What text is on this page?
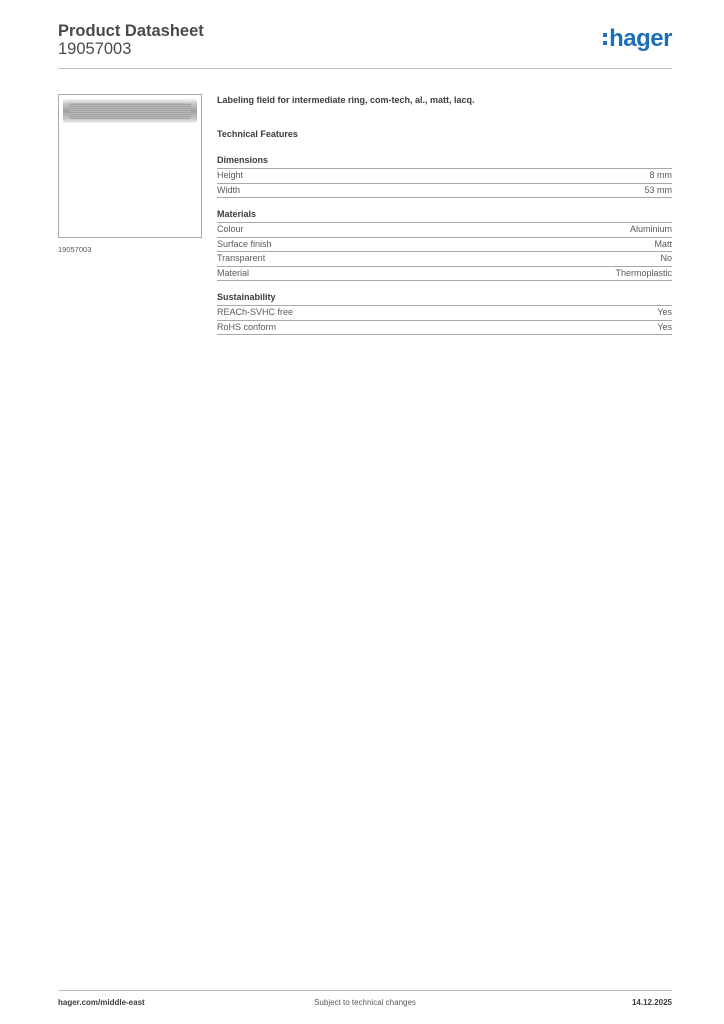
Product Datasheet
19057003	hager
19057003
Labeling field for intermediate ring, com-tech, al., matt, lacq.
Technical Features
Dimensions
Height	8 mm
Width	53 mm
Materials
Colour	Aluminium
Surface finish	Matt
Transparent	No
Material	Thermoplastic
Sustainability
REACh-SVHC free	Yes
RoHS conform	Yes
hager.com/middle-east	Subject to technical changes	14.12.2025
